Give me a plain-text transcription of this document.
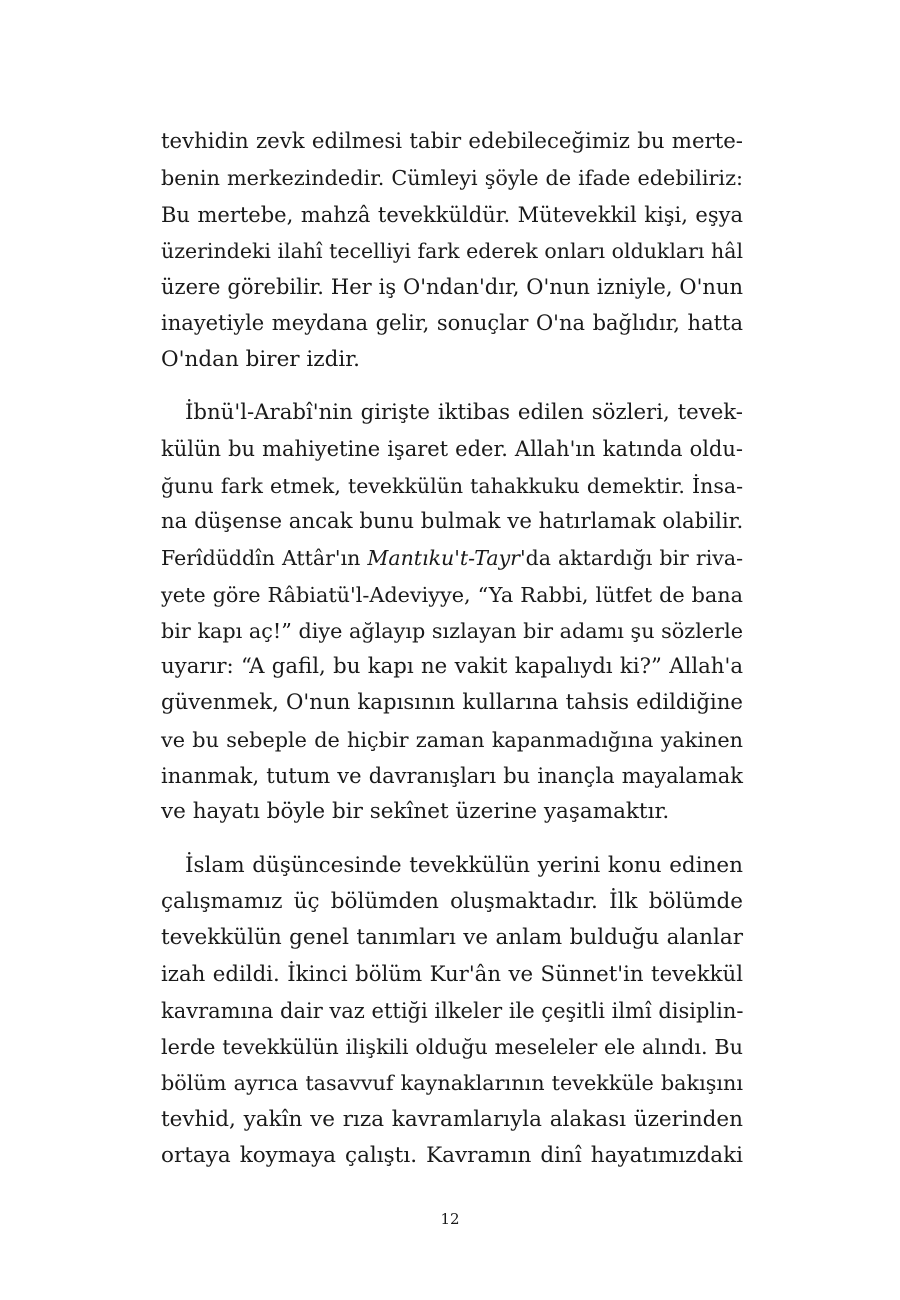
tevhidin zevk edilmesi tabir edebileceğimiz bu merte-
benin merkezindedir. Cümleyi şöyle de ifade edebiliriz:
Bu mertebe, mahzâ tevekküldür. Mütevekkil kişi, eşya
üzerindeki ilahî tecelliyi fark ederek onları oldukları hâl
üzere görebilir. Her iş O'ndan'dır, O'nun izniyle, O'nun
inayetiyle meydana gelir, sonuçlar O'na bağlıdır, hatta
O'ndan birer izdir.

İbnü'l-Arabî'nin girişte iktibas edilen sözleri, tevek-
külün bu mahiyetine işaret eder. Allah'ın katında oldu-
ğunu fark etmek, tevekkülün tahakkuku demektir. İnsa-
na düşense ancak bunu bulmak ve hatırlamak olabilir.
Ferîdüddîn Attâr'ın Mantıku't-Tayr'da aktardığı bir riva-
yete göre Râbiatü'l-Adeviyye, “Ya Rabbi, lütfet de bana
bir kapı aç!” diye ağlayıp sızlayan bir adamı şu sözlerle
uyarır: “A gafil, bu kapı ne vakit kapalıydı ki?” Allah'a
güvenmek, O'nun kapısının kullarına tahsis edildiğine
ve bu sebeple de hiçbir zaman kapanmadığına yakinen
inanmak, tutum ve davranışları bu inançla mayalamak
ve hayatı böyle bir sekînet üzerine yaşamaktır.

İslam düşüncesinde tevekkülün yerini konu edinen
çalışmamız üç bölümden oluşmaktadır. İlk bölümde
tevekkülün genel tanımları ve anlam bulduğu alanlar
izah edildi. İkinci bölüm Kur'ân ve Sünnet'in tevekkül
kavramına dair vaz ettiği ilkeler ile çeşitli ilmî disiplin-
lerde tevekkülün ilişkili olduğu meseleler ele alındı. Bu
bölüm ayrıca tasavvuf kaynaklarının tevekküle bakışını
tevhid, yakîn ve rıza kavramlarıyla alakası üzerinden
ortaya koymaya çalıştı. Kavramın dinî hayatımızdaki

12
